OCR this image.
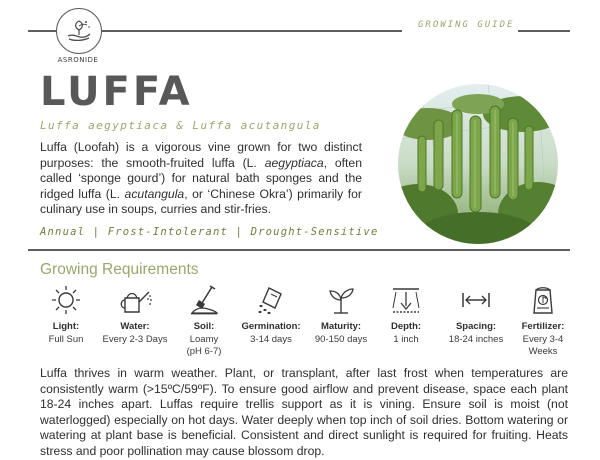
ASRONIDE
GROWING GUIDE
LUFFA
Luffa aegyptiaca & Luffa acutangula
Luffa (Loofah) is a vigorous vine grown for two distinct purposes: the smooth-fruited luffa (L. aegyptiaca, often called ‘sponge gourd’) for natural bath sponges and the ridged luffa (L. acutangula, or ‘Chinese Okra’) primarily for culinary use in soups, curries and stir-fries.
Annual | Frost-Intolerant | Drought-Sensitive
Growing Requirements
Light:
Full Sun
Water:
Every 2-3 Days
Soil:
Loamy (pH 6-7)
Germination:
3-14 days
Maturity:
90-150 days
Depth:
1 inch
Spacing:
18-24 inches
Fertilizer:
Every 3-4 Weeks
Luffa thrives in warm weather. Plant, or transplant, after last frost when temperatures are consistently warm (>15ºC/59ºF). To ensure good airflow and prevent disease, space each plant 18-24 inches apart. Luffas require trellis support as it is vining. Ensure soil is moist (not waterlogged) especially on hot days. Water deeply when top inch of soil dries. Bottom watering or watering at plant base is beneficial. Consistent and direct sunlight is required for fruiting. Heats stress and poor pollination may cause blossom drop.
